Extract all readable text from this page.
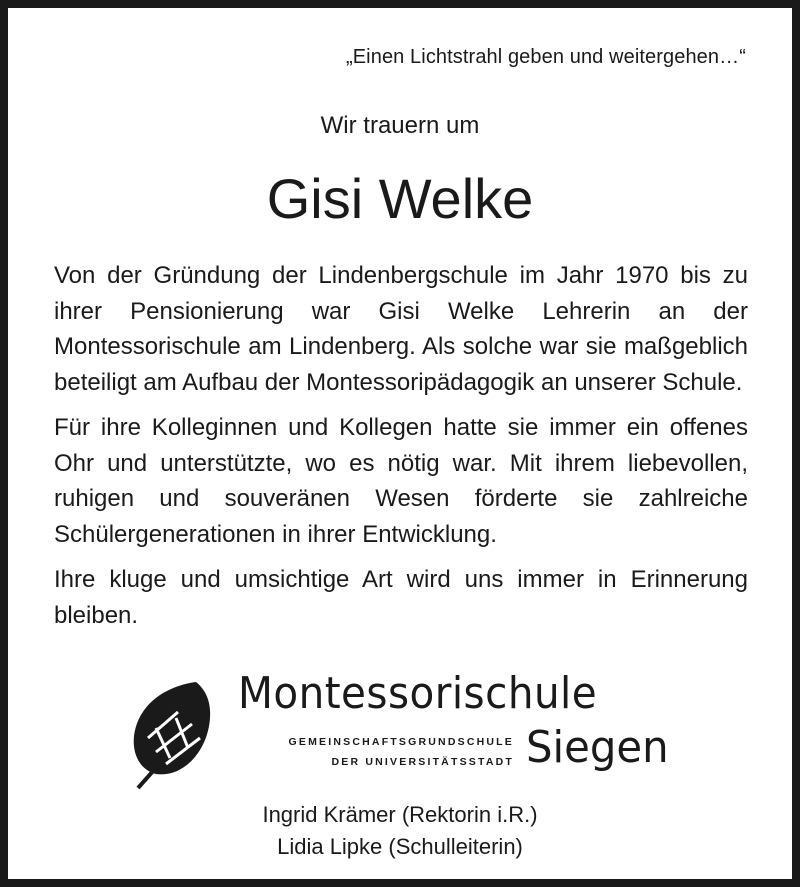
„Einen Lichtstrahl geben und weitergehen…“
Wir trauern um
Gisi Welke

Von der Gründung der Lindenbergschule im Jahr 1970 bis zu ihrer Pensionierung war Gisi Welke Lehrerin an der Montessorischule am Lindenberg. Als solche war sie maßgeblich beteiligt am Aufbau der Montessoripädagogik an unserer Schule.

Für ihre Kolleginnen und Kollegen hatte sie immer ein offenes Ohr und unterstützte, wo es nötig war. Mit ihrem liebevollen, ruhigen und souveränen Wesen förderte sie zahlreiche Schülergenerationen in ihrer Entwicklung.

Ihre kluge und umsichtige Art wird uns immer in Erinnerung bleiben.

Montessorischule
GEMEINSCHAFTSGRUNDSCHULE
DER UNIVERSITÄTSSTADT Siegen
Ingrid Krämer (Rektorin i.R.)
Lidia Lipke (Schulleiterin)
